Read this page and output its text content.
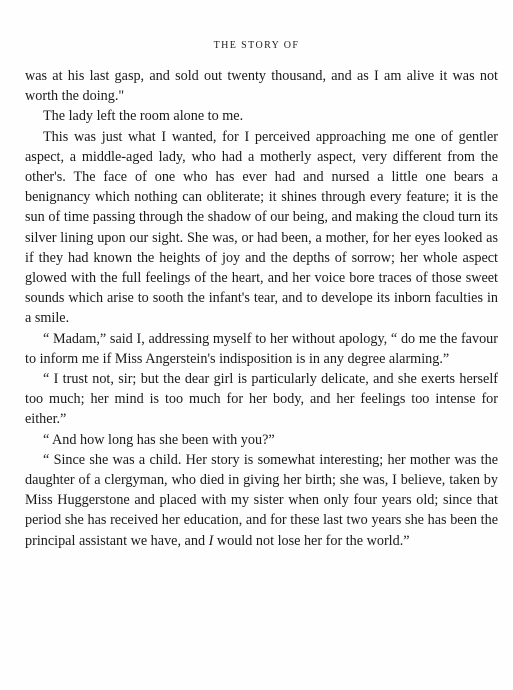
THE STORY OF

was at his last gasp, and sold out twenty thousand, and as I am alive it was not worth the doing."

The lady left the room alone to me.

This was just what I wanted, for I perceived approaching me one of gentler aspect, a middle-aged lady, who had a motherly aspect, very different from the other's. The face of one who has ever had and nursed a little one bears a benignancy which nothing can obliterate; it shines through every feature; it is the sun of time passing through the shadow of our being, and making the cloud turn its silver lining upon our sight. She was, or had been, a mother, for her eyes looked as if they had known the heights of joy and the depths of sorrow; her whole aspect glowed with the full feelings of the heart, and her voice bore traces of those sweet sounds which arise to sooth the infant's tear, and to develope its inborn faculties in a smile.

“ Madam,” said I, addressing myself to her without apology, “ do me the favour to inform me if Miss Angerstein's indisposition is in any degree alarming.”

“ I trust not, sir; but the dear girl is particularly delicate, and she exerts herself too much; her mind is too much for her body, and her feelings too intense for either.”

“ And how long has she been with you?”

“ Since she was a child. Her story is somewhat interesting; her mother was the daughter of a clergyman, who died in giving her birth; she was, I believe, taken by Miss Huggerstone and placed with my sister when only four years old; since that period she has received her education, and for these last two years she has been the principal assistant we have, and I would not lose her for the world.”
